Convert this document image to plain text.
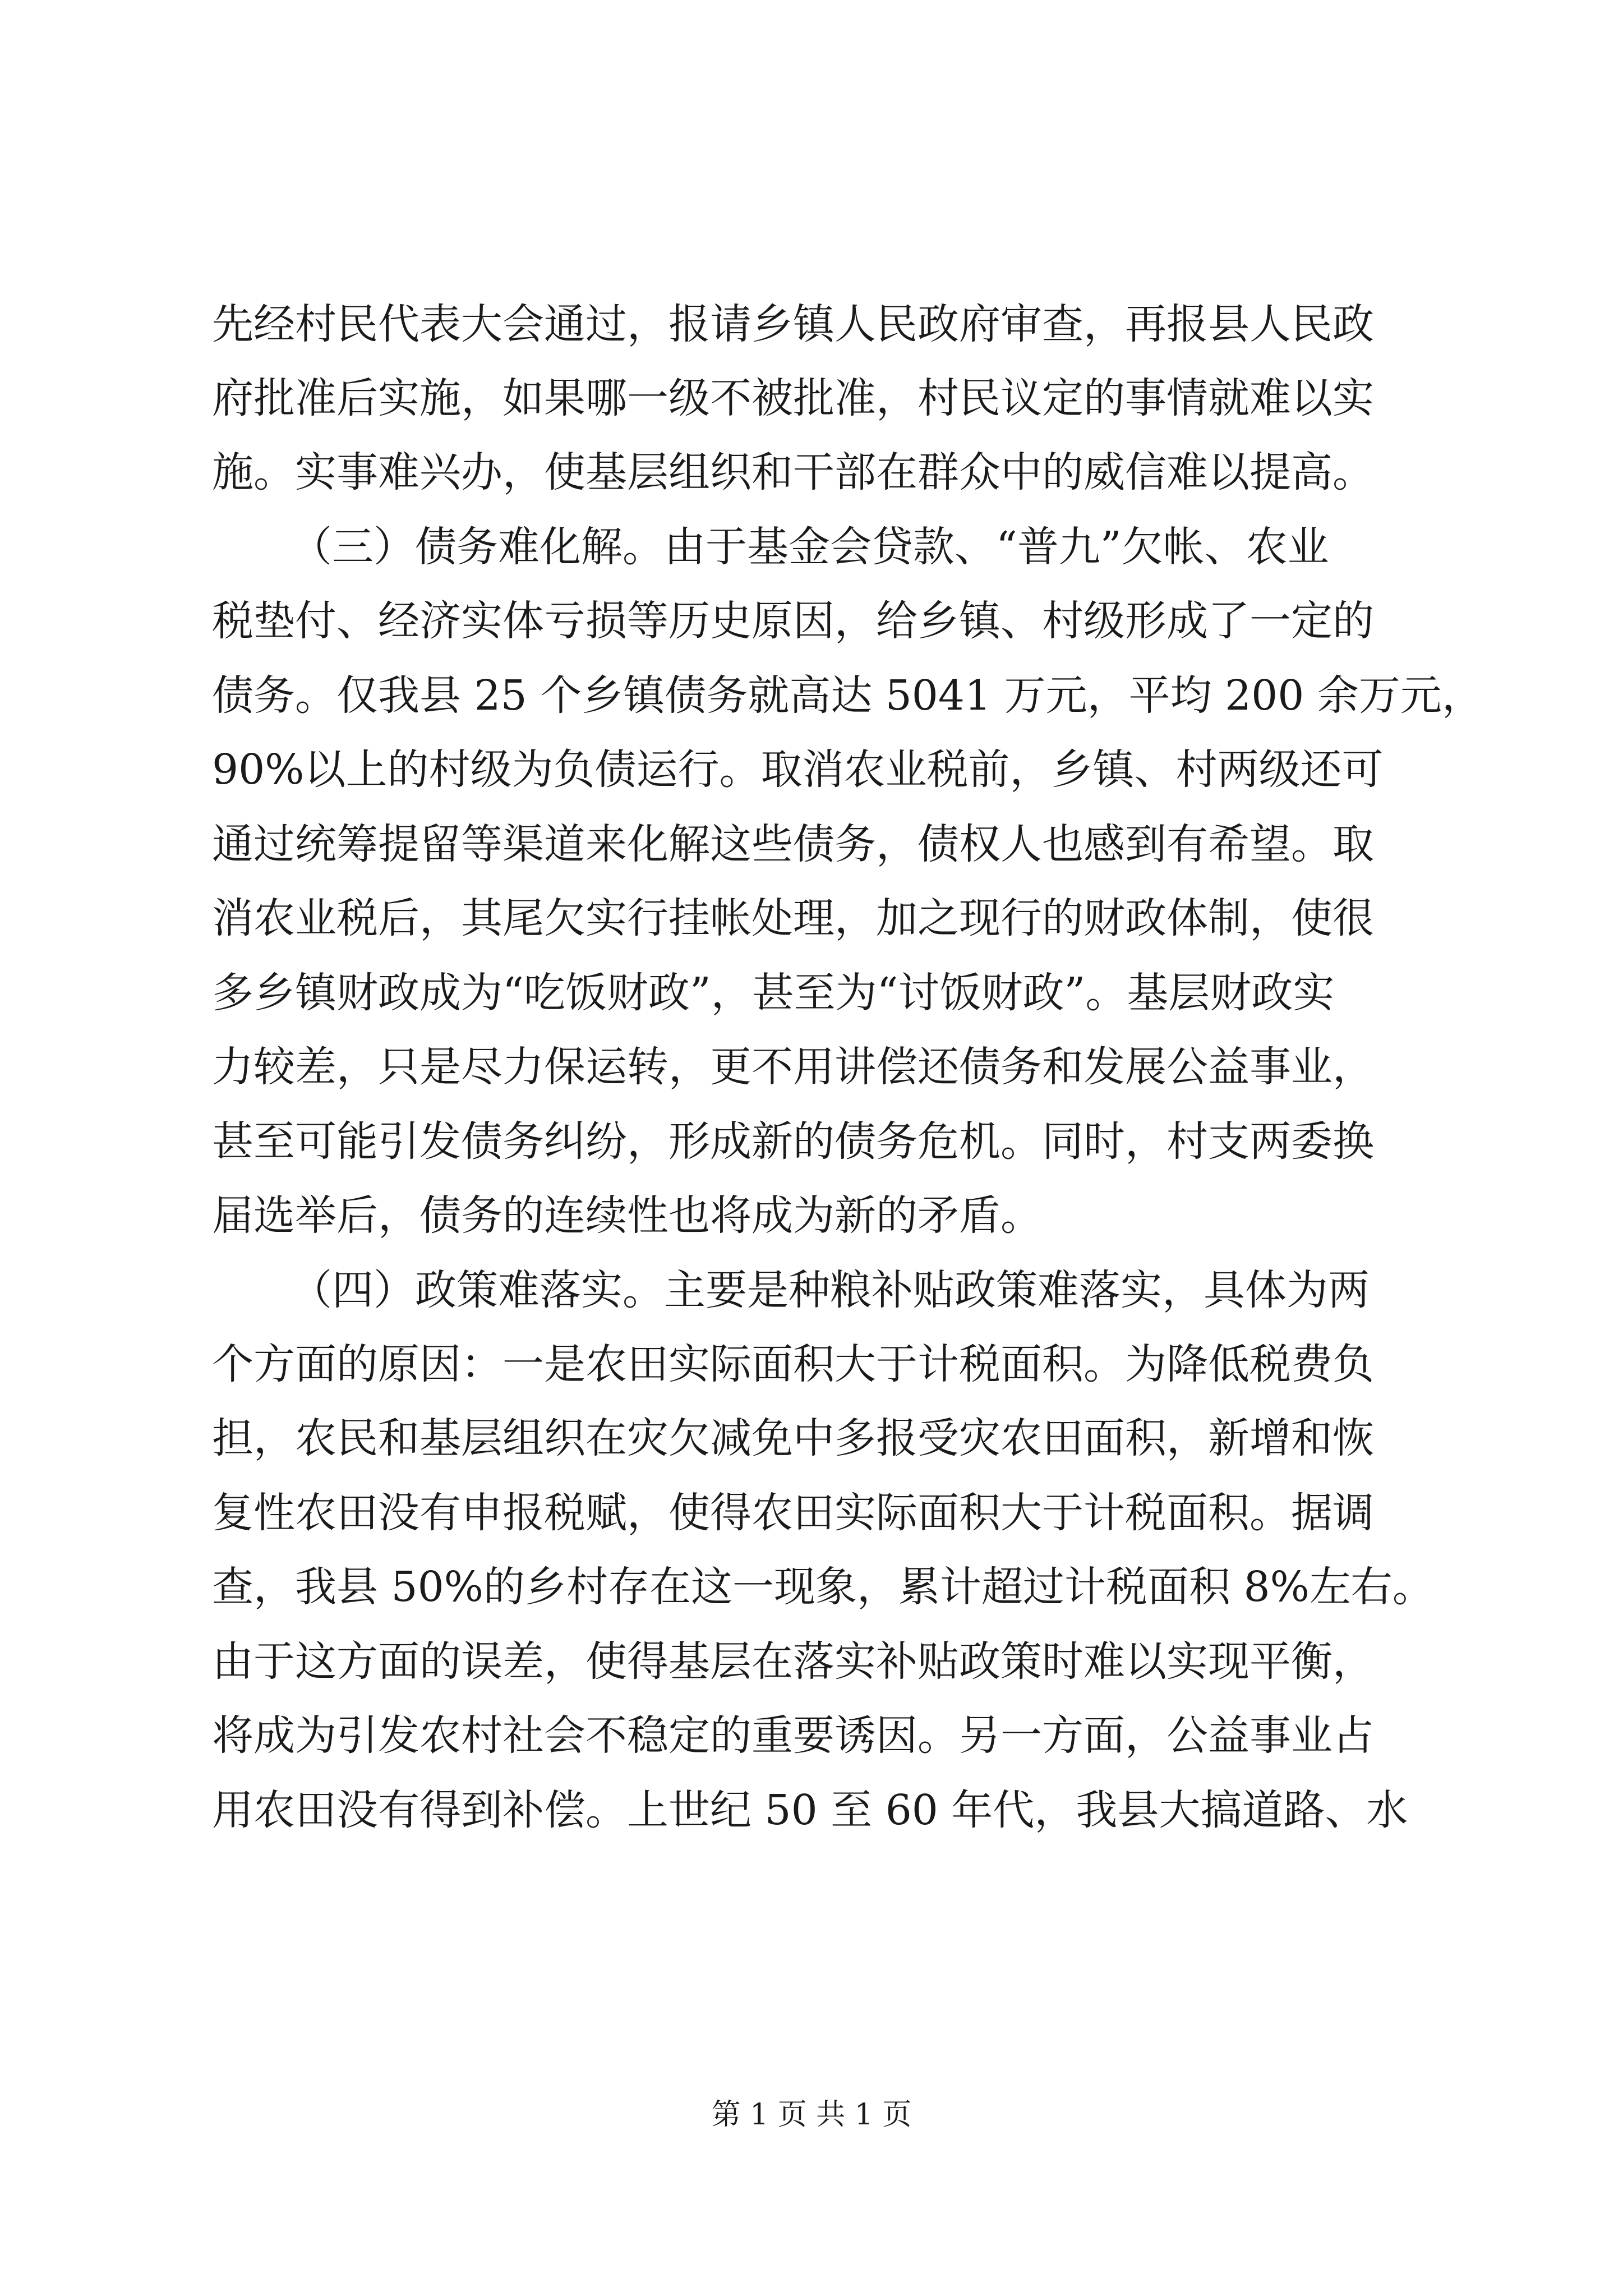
先经村民代表大会通过，报请乡镇人民政府审查，再报县人民政

府批准后实施，如果哪一级不被批准，村民议定的事情就难以实

施。实事难兴办，使基层组织和干部在群众中的威信难以提高。

（三）债务难化解。由于基金会贷款、“普九”欠帐、农业

税垫付、经济实体亏损等历史原因，给乡镇、村级形成了一定的

债务。仅我县 25 个乡镇债务就高达 5041 万元，平均 200 余万元，

90%以上的村级为负债运行。取消农业税前，乡镇、村两级还可

通过统筹提留等渠道来化解这些债务，债权人也感到有希望。取

消农业税后，其尾欠实行挂帐处理，加之现行的财政体制，使很

多乡镇财政成为“吃饭财政”，甚至为“讨饭财政”。基层财政实

力较差，只是尽力保运转，更不用讲偿还债务和发展公益事业，

甚至可能引发债务纠纷，形成新的债务危机。同时，村支两委换

届选举后，债务的连续性也将成为新的矛盾。

（四）政策难落实。主要是种粮补贴政策难落实，具体为两

个方面的原因：一是农田实际面积大于计税面积。为降低税费负

担，农民和基层组织在灾欠减免中多报受灾农田面积，新增和恢

复性农田没有申报税赋，使得农田实际面积大于计税面积。据调

查，我县 50%的乡村存在这一现象，累计超过计税面积 8%左右。

由于这方面的误差，使得基层在落实补贴政策时难以实现平衡，

将成为引发农村社会不稳定的重要诱因。另一方面，公益事业占

用农田没有得到补偿。上世纪 50 至 60 年代，我县大搞道路、水

第 1 页 共 1 页
